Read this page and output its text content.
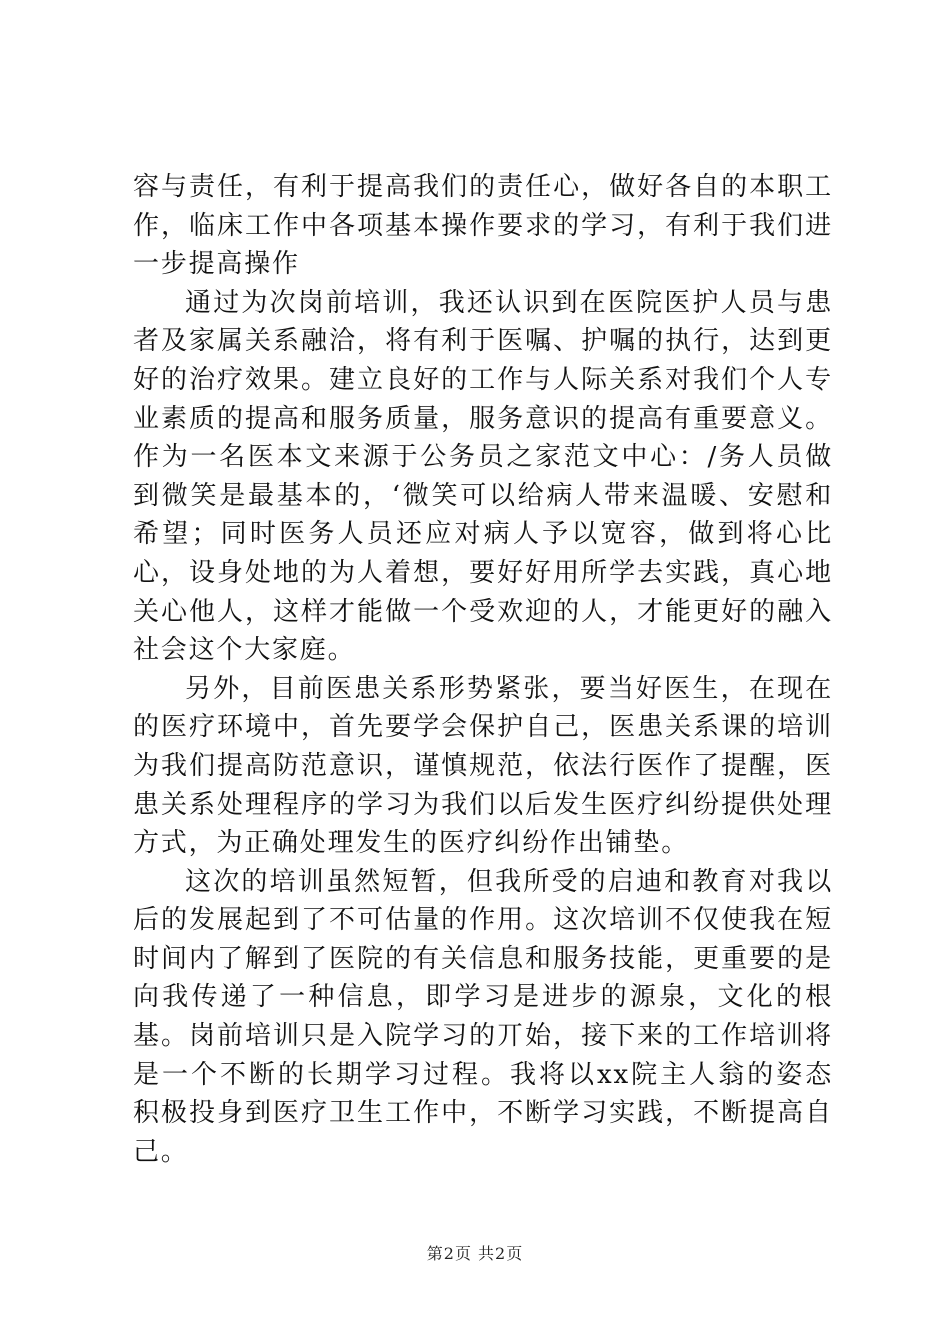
容与责任，有利于提高我们的责任心，做好各自的本职工作，临床工作中各项基本操作要求的学习，有利于我们进一步提高操作

通过为次岗前培训，我还认识到在医院医护人员与患者及家属关系融洽，将有利于医嘱、护嘱的执行，达到更好的治疗效果。建立良好的工作与人际关系对我们个人专业素质的提高和服务质量，服务意识的提高有重要意义。作为一名医本文来源于公务员之家范文中心：/务人员做到微笑是最基本的，‘微笑可以给病人带来温暖、安慰和希望；同时医务人员还应对病人予以宽容，做到将心比心，设身处地的为人着想，要好好用所学去实践，真心地关心他人，这样才能做一个受欢迎的人，才能更好的融入社会这个大家庭。

另外，目前医患关系形势紧张，要当好医生，在现在的医疗环境中，首先要学会保护自己，医患关系课的培训为我们提高防范意识，谨慎规范，依法行医作了提醒，医患关系处理程序的学习为我们以后发生医疗纠纷提供处理方式，为正确处理发生的医疗纠纷作出铺垫。

这次的培训虽然短暂，但我所受的启迪和教育对我以后的发展起到了不可估量的作用。这次培训不仅使我在短时间内了解到了医院的有关信息和服务技能，更重要的是向我传递了一种信息，即学习是进步的源泉，文化的根基。岗前培训只是入院学习的丌始，接下来的工作培训将是一个不断的长期学习过程。我将以xx院主人翁的姿态积极投身到医疗卫生工作中，不断学习实践，不断提高自己。

第2页 共2页
